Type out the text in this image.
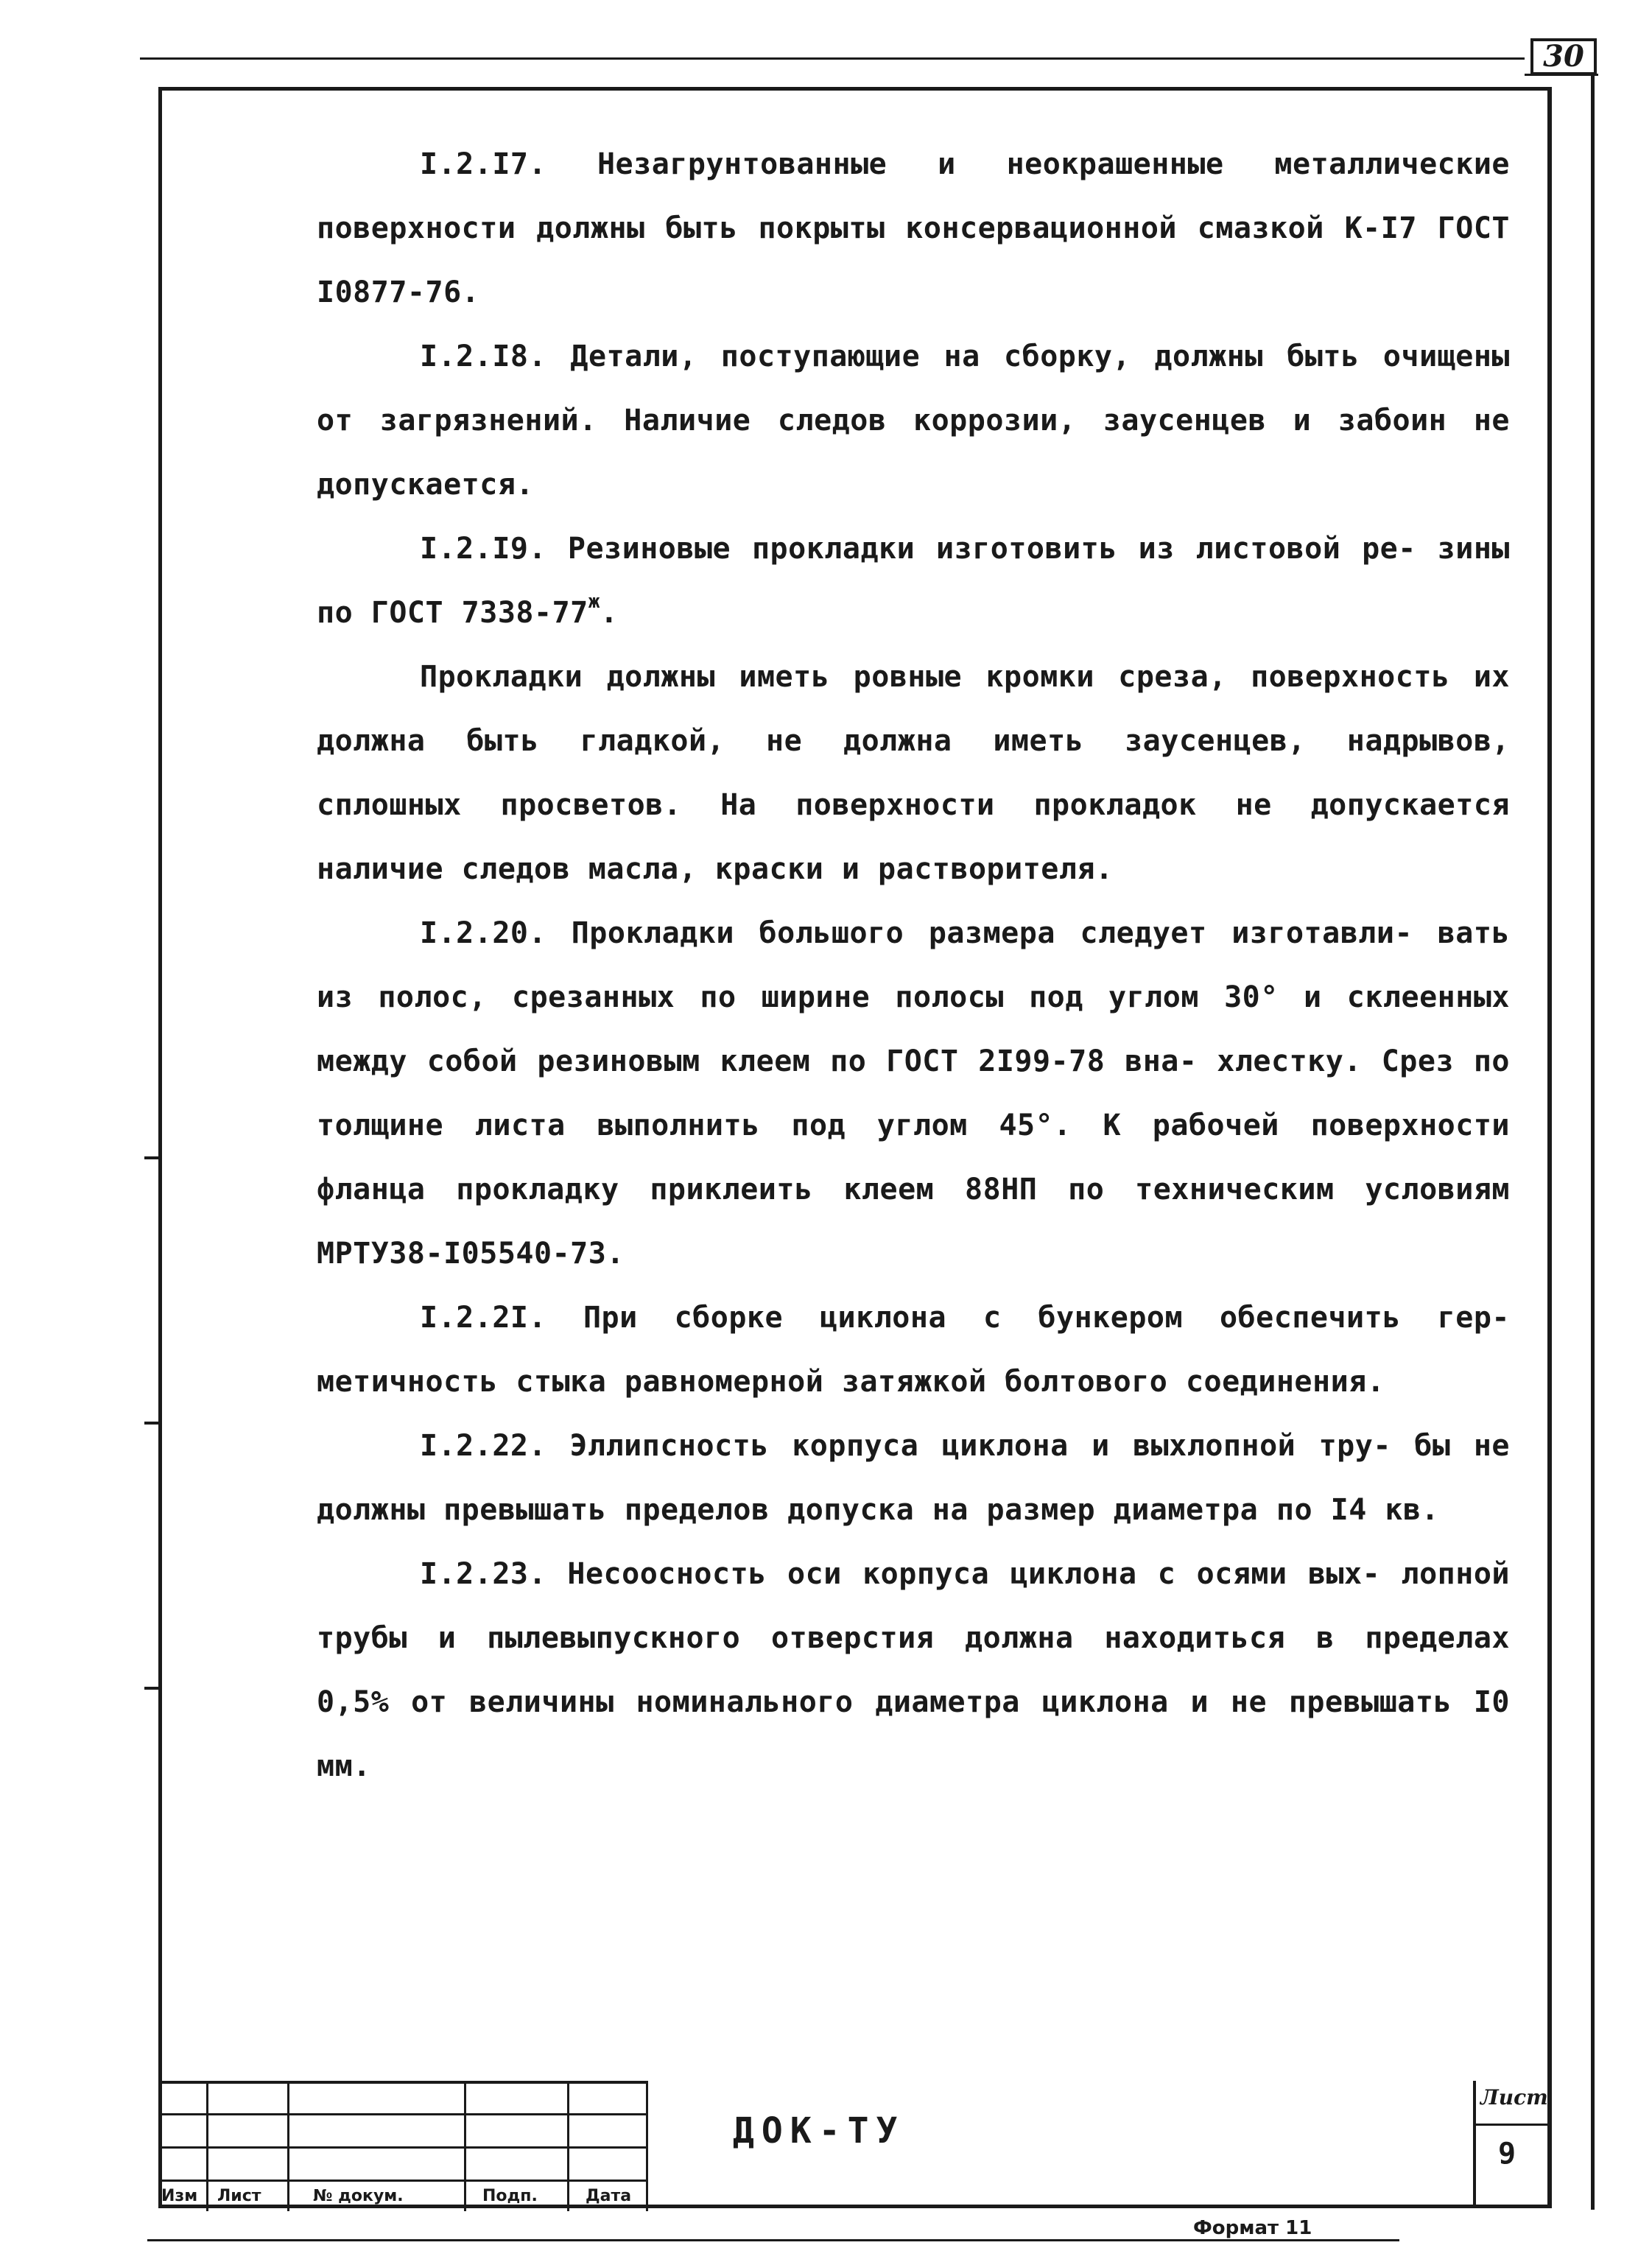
30

I.2.I7. Незагрунтованные и неокрашенные металлические поверхности должны быть покрыты консервационной смазкой К-I7 ГОСТ I0877-76.

I.2.I8. Детали, поступающие на сборку, должны быть очищены от загрязнений. Наличие следов коррозии, заусенцев и забоин не допускается.

I.2.I9. Резиновые прокладки изготовить из листовой ре- зины по ГОСТ $7338-77^ж$.

Прокладки должны иметь ровные кромки среза, поверхность их должна быть гладкой, не должна иметь заусенцев, надрывов, сплошных просветов. На поверхности прокладок не допускается наличие следов масла, краски и растворителя.

I.2.20. Прокладки большого размера следует изготавли- вать из полос, срезанных по ширине полосы под углом 30° и склеенных между собой резиновым клеем по ГОСТ 2I99-78 вна- хлестку. Срез по толщине листа выполнить под углом 45°. К рабочей поверхности фланца прокладку приклеить клеем 88НП по техническим условиям МРТУ38-I05540-73.

I.2.2I. При сборке циклона с бункером обеспечить гер- метичность стыка равномерной затяжкой болтового соединения.

I.2.22. Эллипсность корпуса циклона и выхлопной тру- бы не должны превышать пределов допуска на размер диаметра по I4 кв.

I.2.23. Несоосность оси корпуса циклона с осями вых- лопной трубы и пылевыпускного отверстия должна находиться в пределах 0,5% от величины номинального диаметра циклона и не превышать I0 мм.

Изм Лист	№ докум.	Подп.	Дата
ДОК-ТУ
Лист
9
Формат 11
